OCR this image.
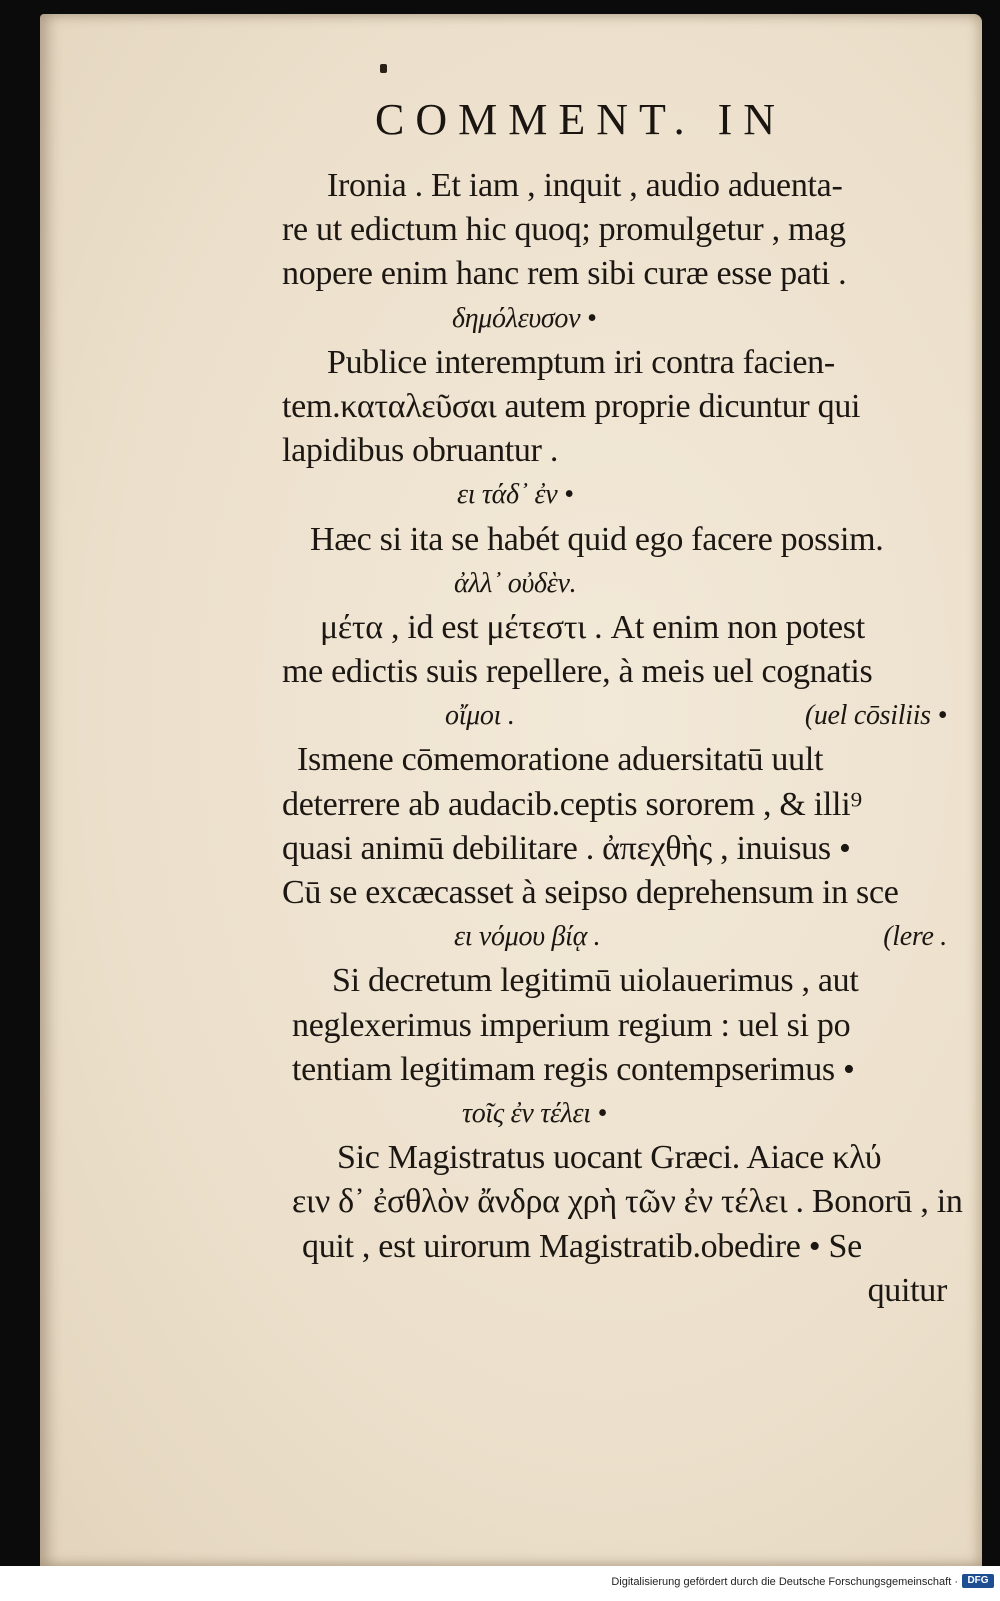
COMMENT. IN
Ironia . Et iam , inquit , audio aduenta-
re ut edictum hic quoq; promulgetur , mag
nopere enim hanc rem sibi curæ esse pati .
δημόλευσον •
Publice interemptum iri contra facien-
tem.καταλεῦσαι autem proprie dicuntur qui
lapidibus obruantur .
ει τάδ᾽ ἐν •
Hæc si ita se habét quid ego facere possim.
ἀλλ᾽ οὐδὲν.
μέτα , id est μέτεστι . At enim non potest
me edictis suis repellere, à meis uel cognatis
οἴμοι .	(uel cōsiliis •
Ismene cōmemoratione aduersitatū uult
deterrere ab audacib.ceptis sororem , & illi⁹
quasi animū debilitare . ἀπεχθὴς , inuisus •
Cū se excæcasset à seipso deprehensum in sce
ει νόμου βίᾳ .	(lere .
Si decretum legitimū uiolauerimus , aut
neglexerimus imperium regium : uel si po
tentiam legitimam regis contempserimus •
τοῖς ἐν τέλει •
Sic Magistratus uocant Græci. Aiace κλύ
ειν δ᾽ ἐσθλὸν ἄνδρα χρὴ τῶν ἐν τέλει . Bonorū , in
quit , est uirorum Magistratib.obedire • Se
quitur
Digitalisierung gefördert durch die Deutsche Forschungsgemeinschaft · DFG
